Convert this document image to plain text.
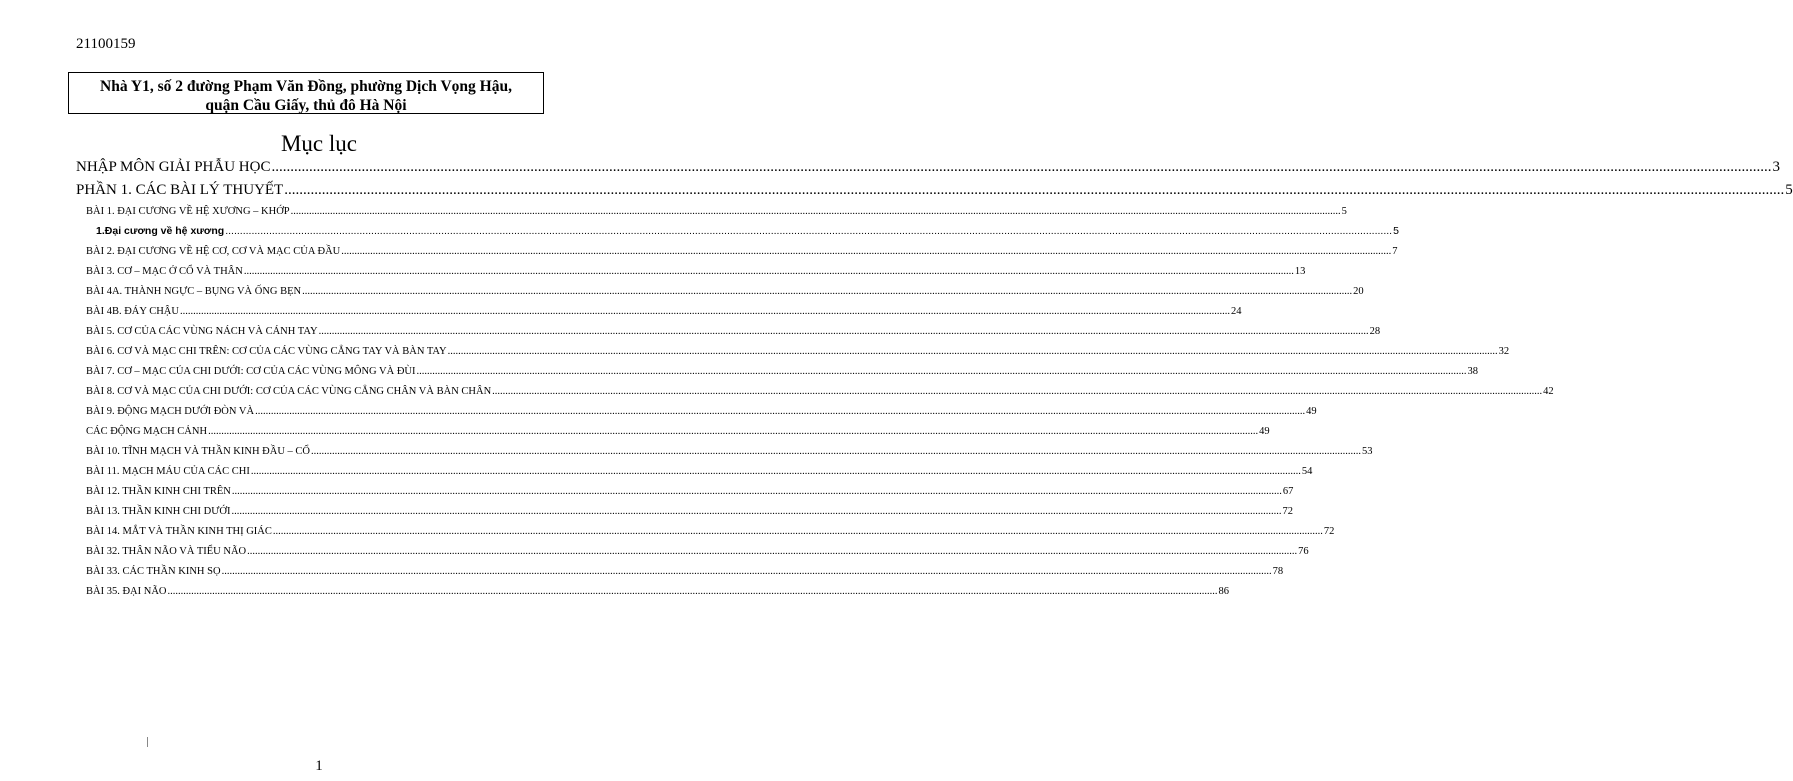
21100159
Nhà Y1, số 2 đường Phạm Văn Đồng, phường Dịch Vọng Hậu,
quận Cầu Giấy, thủ đô Hà Nội
Mục lục
NHẬP MÔN GIẢI PHẪU HỌC ................................................................................................................................................................................................................................................................................................................................................................................................................ 3
PHẦN 1. CÁC BÀI LÝ THUYẾT ................................................................................................................................................................................................................................................................................................................................................................................................................ 5
BÀI 1. ĐẠI CƯƠNG VỀ HỆ XƯƠNG – KHỚP ................................................................................................................................................................................................................................................................................................................................................................................................................ 5
1. Đại cương về hệ xương ................................................................................................................................................................................................................................................................................................................................................................................................................ 5
BÀI 2. ĐẠI CƯƠNG VỀ HỆ CƠ, CƠ VÀ MẠC CỦA ĐẦU ................................................................................................................................................................................................................................................................................................................................................................................................................ 7
BÀI 3. CƠ – MẠC Ở CỔ VÀ THÂN ................................................................................................................................................................................................................................................................................................................................................................................................................ 13
BÀI 4A. THÀNH NGỰC – BỤNG VÀ ỐNG BẸN ................................................................................................................................................................................................................................................................................................................................................................................................................ 20
BÀI 4B. ĐÁY CHẬU ................................................................................................................................................................................................................................................................................................................................................................................................................ 24
BÀI 5. CƠ CỦA CÁC VÙNG NÁCH VÀ CÁNH TAY ................................................................................................................................................................................................................................................................................................................................................................................................................ 28
BÀI 6. CƠ VÀ MẠC CHI TRÊN: CƠ CỦA CÁC VÙNG CẲNG TAY VÀ BÀN TAY ................................................................................................................................................................................................................................................................................................................................................................................................................ 32
BÀI 7. CƠ – MẠC CỦA CHI DƯỚI: CƠ CỦA CÁC VÙNG MÔNG VÀ ĐÙI ................................................................................................................................................................................................................................................................................................................................................................................................................ 38
BÀI 8. CƠ VÀ MẠC CỦA CHI DƯỚI: CƠ CỦA CÁC VÙNG CẲNG CHÂN VÀ BÀN CHÂN ................................................................................................................................................................................................................................................................................................................................................................................................................ 42
BÀI 9. ĐỘNG MẠCH DƯỚI ĐÒN VÀ ................................................................................................................................................................................................................................................................................................................................................................................................................ 49
CÁC ĐỘNG MẠCH CẢNH ................................................................................................................................................................................................................................................................................................................................................................................................................ 49
BÀI 10. TĨNH MẠCH VÀ THẦN KINH ĐẦU – CỔ ................................................................................................................................................................................................................................................................................................................................................................................................................ 53
BÀI 11. MẠCH MÁU CỦA CÁC CHI ................................................................................................................................................................................................................................................................................................................................................................................................................ 54
BÀI 12. THẦN KINH CHI TRÊN ................................................................................................................................................................................................................................................................................................................................................................................................................ 67
BÀI 13. THẦN KINH CHI DƯỚI ................................................................................................................................................................................................................................................................................................................................................................................................................ 72
BÀI 14. MẮT VÀ THẦN KINH THỊ GIÁC ................................................................................................................................................................................................................................................................................................................................................................................................................ 72
BÀI 32. THÂN NÃO VÀ TIỂU NÃO ................................................................................................................................................................................................................................................................................................................................................................................................................ 76
BÀI 33. CÁC THẦN KINH SỌ ................................................................................................................................................................................................................................................................................................................................................................................................................ 78
BÀI 35. ĐẠI NÃO ................................................................................................................................................................................................................................................................................................................................................................................................................ 86
1
